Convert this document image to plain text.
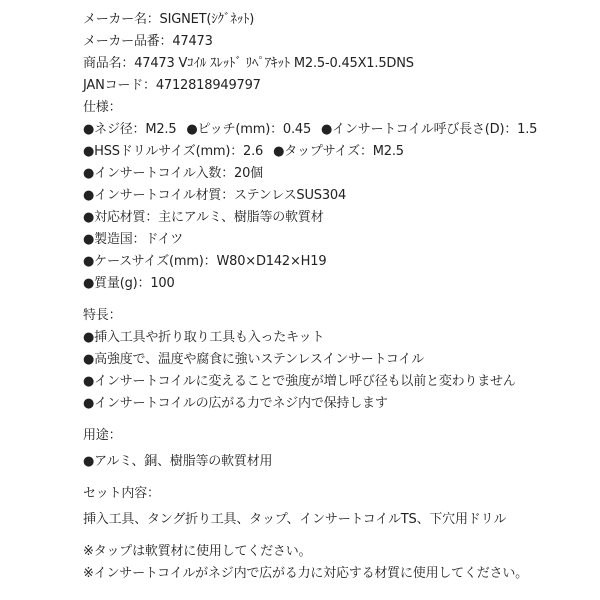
メーカー名：SIGNET(ｼｸﾞﾈｯﾄ)
メーカー品番：47473
商品名：47473 Vｺｲﾙ ｽﾚｯﾄﾞ ﾘﾍﾟｱｷｯﾄ M2.5-0.45X1.5DNS
JANコード：4712818949797
仕様：
●ネジ径：M2.5 ●ピッチ(mm)：0.45 ●インサートコイル呼び長さ(D)：1.5
●HSSドリルサイズ(mm)：2.6 ●タップサイズ：M2.5
●インサートコイル入数：20個
●インサートコイル材質：ステンレスSUS304
●対応材質：主にアルミ、樹脂等の軟質材
●製造国：ドイツ
●ケースサイズ(mm)：W80×D142×H19
●質量(g)：100
特長：
●挿入工具や折り取り工具も入ったキット
●高強度で、温度や腐食に強いステンレスインサートコイル
●インサートコイルに変えることで強度が増し呼び径も以前と変わりません
●インサートコイルの広がる力でネジ内で保持します
用途：
●アルミ、銅、樹脂等の軟質材用
セット内容：
挿入工具、タング折り工具、タップ、インサートコイルTS、下穴用ドリル
※タップは軟質材に使用してください。
※インサートコイルがネジ内で広がる力に対応する材質に使用してください。
